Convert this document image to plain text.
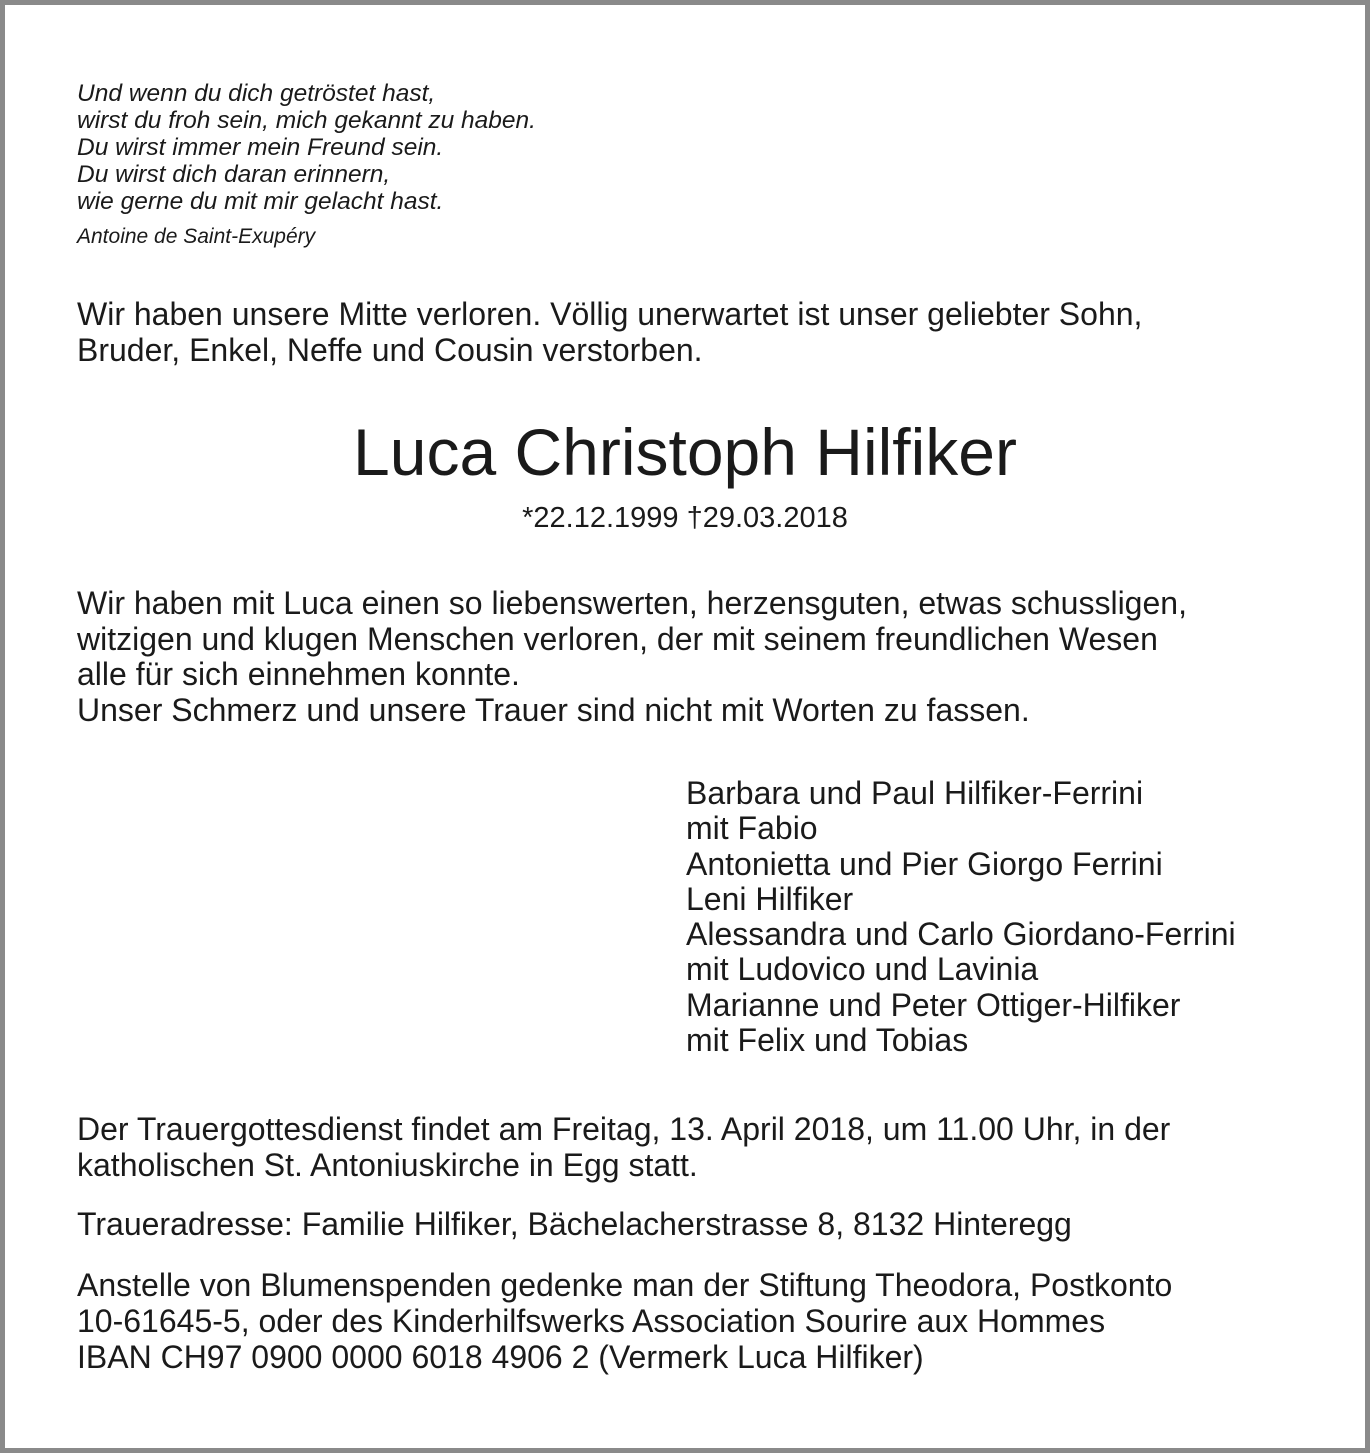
Und wenn du dich getröstet hast,
wirst du froh sein, mich gekannt zu haben.
Du wirst immer mein Freund sein.
Du wirst dich daran erinnern,
wie gerne du mit mir gelacht hast.
Antoine de Saint-Exupéry
Wir haben unsere Mitte verloren. Völlig unerwartet ist unser geliebter Sohn,
Bruder, Enkel, Neffe und Cousin verstorben.
Luca Christoph Hilfiker
*22.12.1999 †29.03.2018
Wir haben mit Luca einen so liebenswerten, herzensguten, etwas schussligen,
witzigen und klugen Menschen verloren, der mit seinem freundlichen Wesen
alle für sich einnehmen konnte.
Unser Schmerz und unsere Trauer sind nicht mit Worten zu fassen.
Barbara und Paul Hilfiker-Ferrini
mit Fabio
Antonietta und Pier Giorgo Ferrini
Leni Hilfiker
Alessandra und Carlo Giordano-Ferrini
mit Ludovico und Lavinia
Marianne und Peter Ottiger-Hilfiker
mit Felix und Tobias
Der Trauergottesdienst findet am Freitag, 13. April 2018, um 11.00 Uhr, in der
katholischen St. Antoniuskirche in Egg statt.
Traueradresse: Familie Hilfiker, Bächelacherstrasse 8, 8132 Hinteregg
Anstelle von Blumenspenden gedenke man der Stiftung Theodora, Postkonto
10-61645-5, oder des Kinderhilfswerks Association Sourire aux Hommes
IBAN CH97 0900 0000 6018 4906 2 (Vermerk Luca Hilfiker)
